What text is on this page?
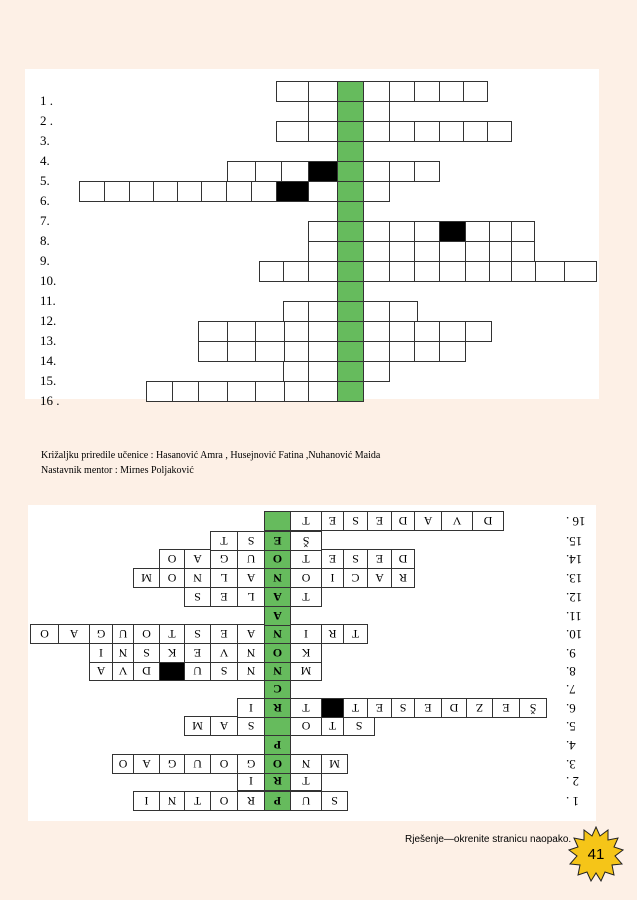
1 .
2 .
3.
4.
5.
6.
7.
8.
9.
10.
11.
12.
13.
14.
15.
16 .
1 .
2 .
3.
4.
5.
6.
7.
8.
9.
10.
11.
12.
13.
14.
15.
16 .
S
U
P
R
O
T
N
I
T
R
I
M
N
O
G
O
U
G
A
O
P
S
T
O
S
A
M
Š
E
Z
D
E
S
E
T
T
R
I
C
M
N
N
S
U
D
V
A
K
O
N
V
E
K
S
N
I
T
R
I
N
A
E
S
T
O
U
G
A
O
A
T
A
L
E
S
R
A
C
I
O
N
A
L
N
O
M
D
E
S
E
T
O
U
G
A
O
Š
E
S
T
D
V
A
D
E
S
E
T
Križaljku priredile učenice : Hasanović Amra , Husejnović Fatina ,Nuhanović Maida
Nastavnik mentor : Mirnes Poljaković
Rješenje—okrenite stranicu naopako.
41
